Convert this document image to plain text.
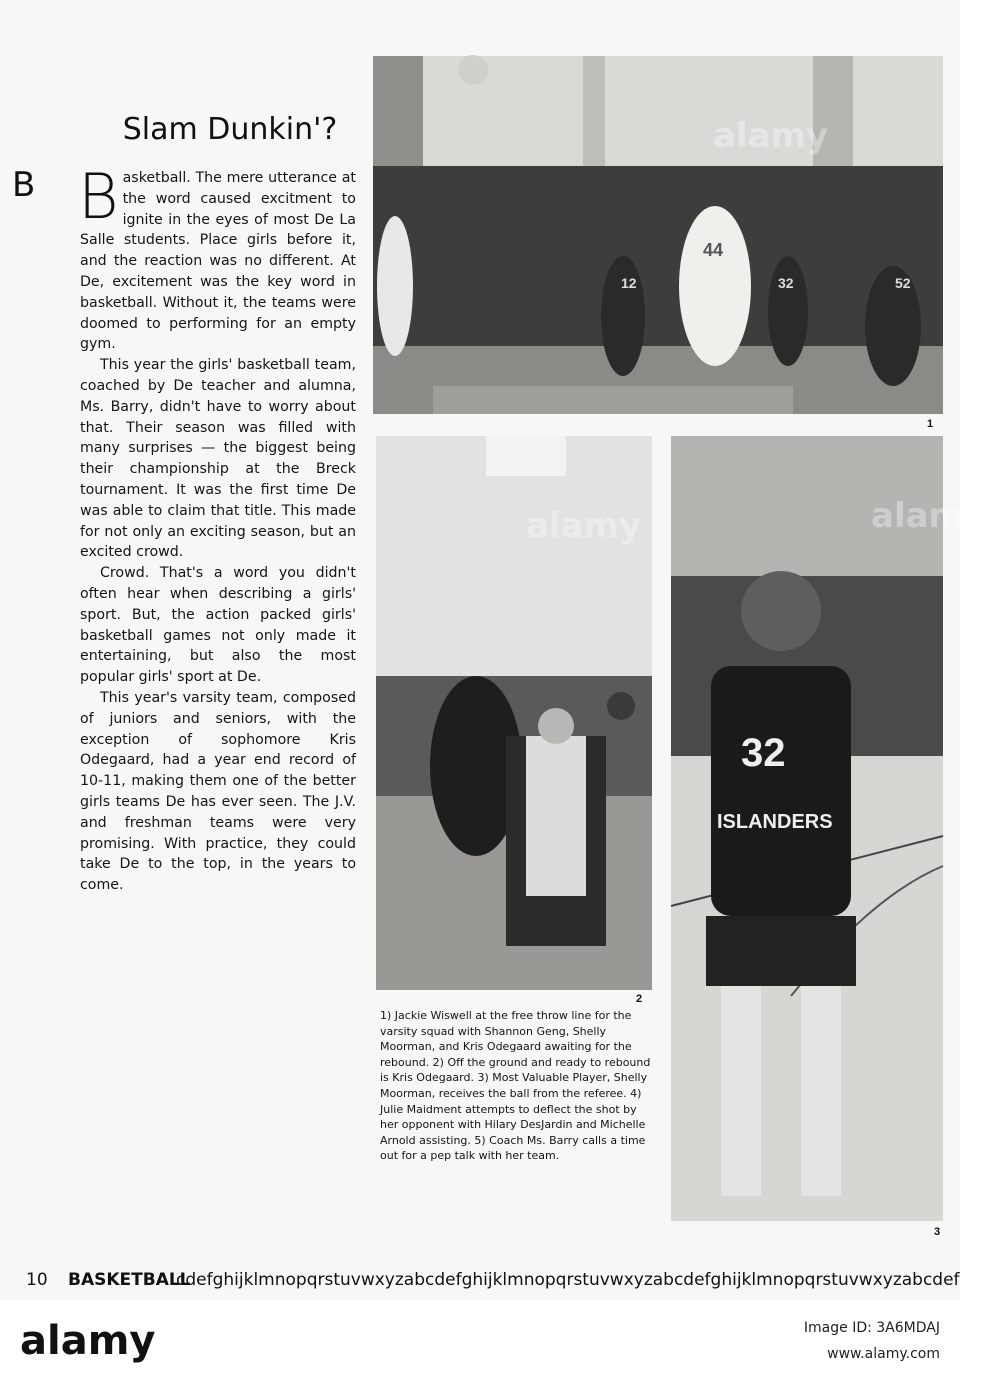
Slam Dunkin'?
B Basketball. The mere utterance at the word caused excitment to ignite in the eyes of most De La Salle students. Place girls before it, and the reaction was no different. At De, excitement was the key word in basketball. Without it, the teams were doomed to performing for an empty gym.

This year the girls' basketball team, coached by De teacher and alumna, Ms. Barry, didn't have to worry about that. Their season was filled with many surprises — the biggest being their championship at the Breck tournament. It was the first time De was able to claim that title. This made for not only an exciting season, but an excited crowd.

Crowd. That's a word you didn't often hear when describing a girls' sport. But, the action packed girls' basketball games not only made it entertaining, but also the most popular girls' sport at De.

This year's varsity team, composed of juniors and seniors, with the exception of sophomore Kris Odegaard, had a year end record of 10-11, making them one of the better girls teams De has ever seen. The J.V. and freshman teams were very promising. With practice, they could take De to the top, in the years to come.

44
12	32	52
alamy
1
alamy
2
32
ISLANDERS
alamy
3
1) Jackie Wiswell at the free throw line for the varsity squad with Shannon Geng, Shelly Moorman, and Kris Odegaard awaiting for the rebound. 2) Off the ground and ready to rebound is Kris Odegaard. 3) Most Valuable Player, Shelly Moorman, receives the ball from the referee. 4) Julie Maidment attempts to deflect the shot by her opponent with Hilary DesJardin and Michelle Arnold assisting. 5) Coach Ms. Barry calls a time out for a pep talk with her team.
10 BASKETBALL
cdefghijklmnopqrstuvwxyzabcdefghijklmnopqrstuvwxyzabcdefghijklmnopqrstuvwxyzabcdef
alamy	Image ID: 3A6MDAJ
www.alamy.com
